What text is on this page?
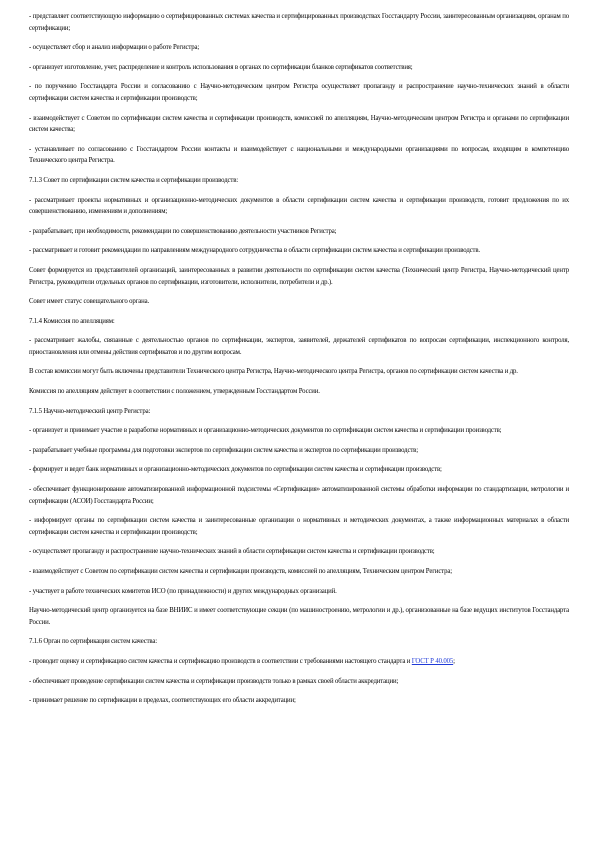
- представляет соответствующую информацию о сертифицированных системах качества и сертифицированных производствах Госстандарту России, заинтересованным организациям, органам по сертификации;

- осуществляет сбор и анализ информации о работе Регистра;

- организует изготовление, учет, распределение и контроль использования в органах по сертификации бланков сертификатов соответствия;

- по поручению Госстандарта России и согласованию с Научно-методическим центром Регистра осуществляет пропаганду и распространение научно-технических знаний в области сертификации систем качества и сертификации производств;

- взаимодействует с Советом по сертификации систем качества и сертификации производств, комиссией по апелляциям, Научно-методическим центром Регистра и органами по сертификации систем качества;

- устанавливает по согласованию с Госстандартом России контакты и взаимодействует с национальными и международными организациями по вопросам, входящим в компетенцию Технического центра Регистра.

7.1.3 Совет по сертификации систем качества и сертификации производств:

- рассматривает проекты нормативных и организационно-методических документов в области сертификации систем качества и сертификации производств, готовит предложения по их совершенствованию, изменениям и дополнениям;

- разрабатывает, при необходимости, рекомендации по совершенствованию деятельности участников Регистра;

- рассматривает и готовит рекомендации по направлениям международного сотрудничества в области сертификации систем качества и сертификации производств.

Совет формируется из представителей организаций, заинтересованных в развитии деятельности по сертификации систем качества (Технический центр Регистра, Научно-методический центр Регистра, руководители отдельных органов по сертификации, изготовители, исполнители, потребители и др.).

Совет имеет статус совещательного органа.

7.1.4 Комиссия по апелляциям:

- рассматривает жалобы, связанные с деятельностью органов по сертификации, экспертов, заявителей, держателей сертификатов по вопросам сертификации, инспекционного контроля, приостановления или отмены действия сертификатов и по другим вопросам.

В состав комиссии могут быть включены представители Технического центра Регистра, Научно-методического центра Регистра, органов по сертификации систем качества и др.

Комиссия по апелляциям действует в соответствии с положением, утвержденным Госстандартом России.

7.1.5 Научно-методический центр Регистра:

- организует и принимает участие в разработке нормативных и организационно-методических документов по сертификации систем качества и сертификации производств;

- разрабатывает учебные программы для подготовки экспертов по сертификации систем качества и экспертов по сертификации производств;

- формирует и ведет банк нормативных и организационно-методических документов по сертификации систем качества и сертификации производств;

- обеспечивает функционирование автоматизированной информационной подсистемы «Сертификация» автоматизированной системы обработки информации по стандартизации, метрологии и сертификации (АСОИ) Госстандарта России;

- информирует органы по сертификации систем качества и заинтересованные организации о нормативных и методических документах, а также информационных материалах в области сертификации систем качества и сертификации производств;

- осуществляет пропаганду и распространение научно-технических знаний в области сертификации систем качества и сертификации производств;

- взаимодействует с Советом по сертификации систем качества и сертификации производств, комиссией по апелляциям, Техническим центром Регистра;

- участвует в работе технических комитетов ИСО (по принадлежности) и других международных организаций.

Научно-методический центр организуется на базе ВНИИС и имеет соответствующие секции (по машиностроению, метрологии и др.), организованные на базе ведущих институтов Госстандарта России.

7.1.6 Орган по сертификации систем качества:

- проводит оценку и сертификацию систем качества и сертификацию производств в соответствии с требованиями настоящего стандарта и ГОСТ Р 40.005;

- обеспечивает проведение сертификации систем качества и сертификации производств только в рамках своей области аккредитации;

- принимает решение по сертификации в пределах, соответствующих его области аккредитации;
